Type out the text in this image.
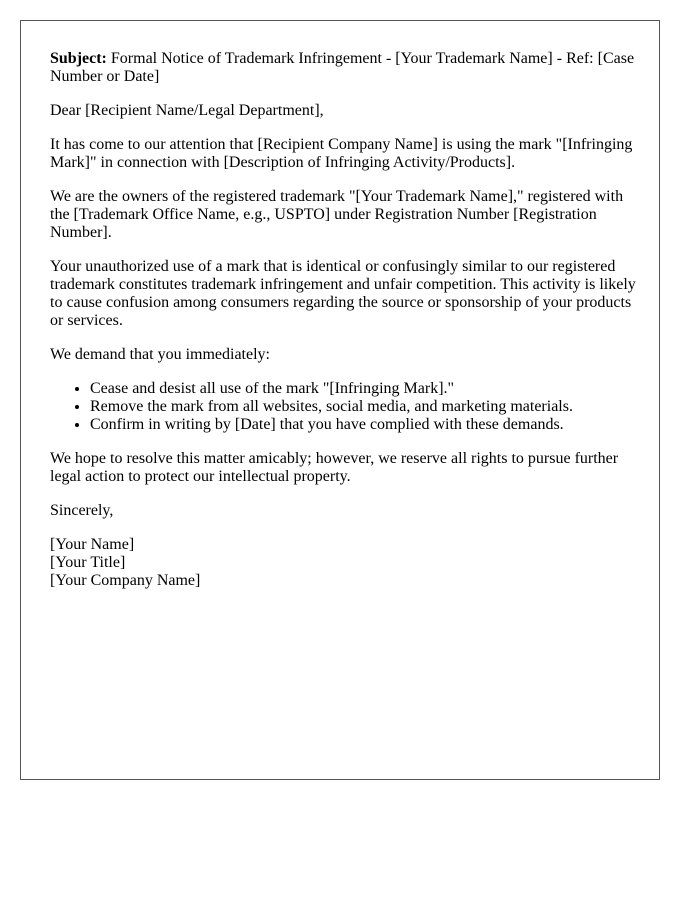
Subject: Formal Notice of Trademark Infringement - [Your Trademark Name] - Ref: [Case Number or Date]

Dear [Recipient Name/Legal Department],

It has come to our attention that [Recipient Company Name] is using the mark "[Infringing Mark]" in connection with [Description of Infringing Activity/Products].

We are the owners of the registered trademark "[Your Trademark Name]," registered with the [Trademark Office Name, e.g., USPTO] under Registration Number [Registration Number].

Your unauthorized use of a mark that is identical or confusingly similar to our registered trademark constitutes trademark infringement and unfair competition. This activity is likely to cause confusion among consumers regarding the source or sponsorship of your products or services.

We demand that you immediately:

• Cease and desist all use of the mark "[Infringing Mark]."
• Remove the mark from all websites, social media, and marketing materials.
• Confirm in writing by [Date] that you have complied with these demands.

We hope to resolve this matter amicably; however, we reserve all rights to pursue further legal action to protect our intellectual property.

Sincerely,

[Your Name]
[Your Title]
[Your Company Name]
